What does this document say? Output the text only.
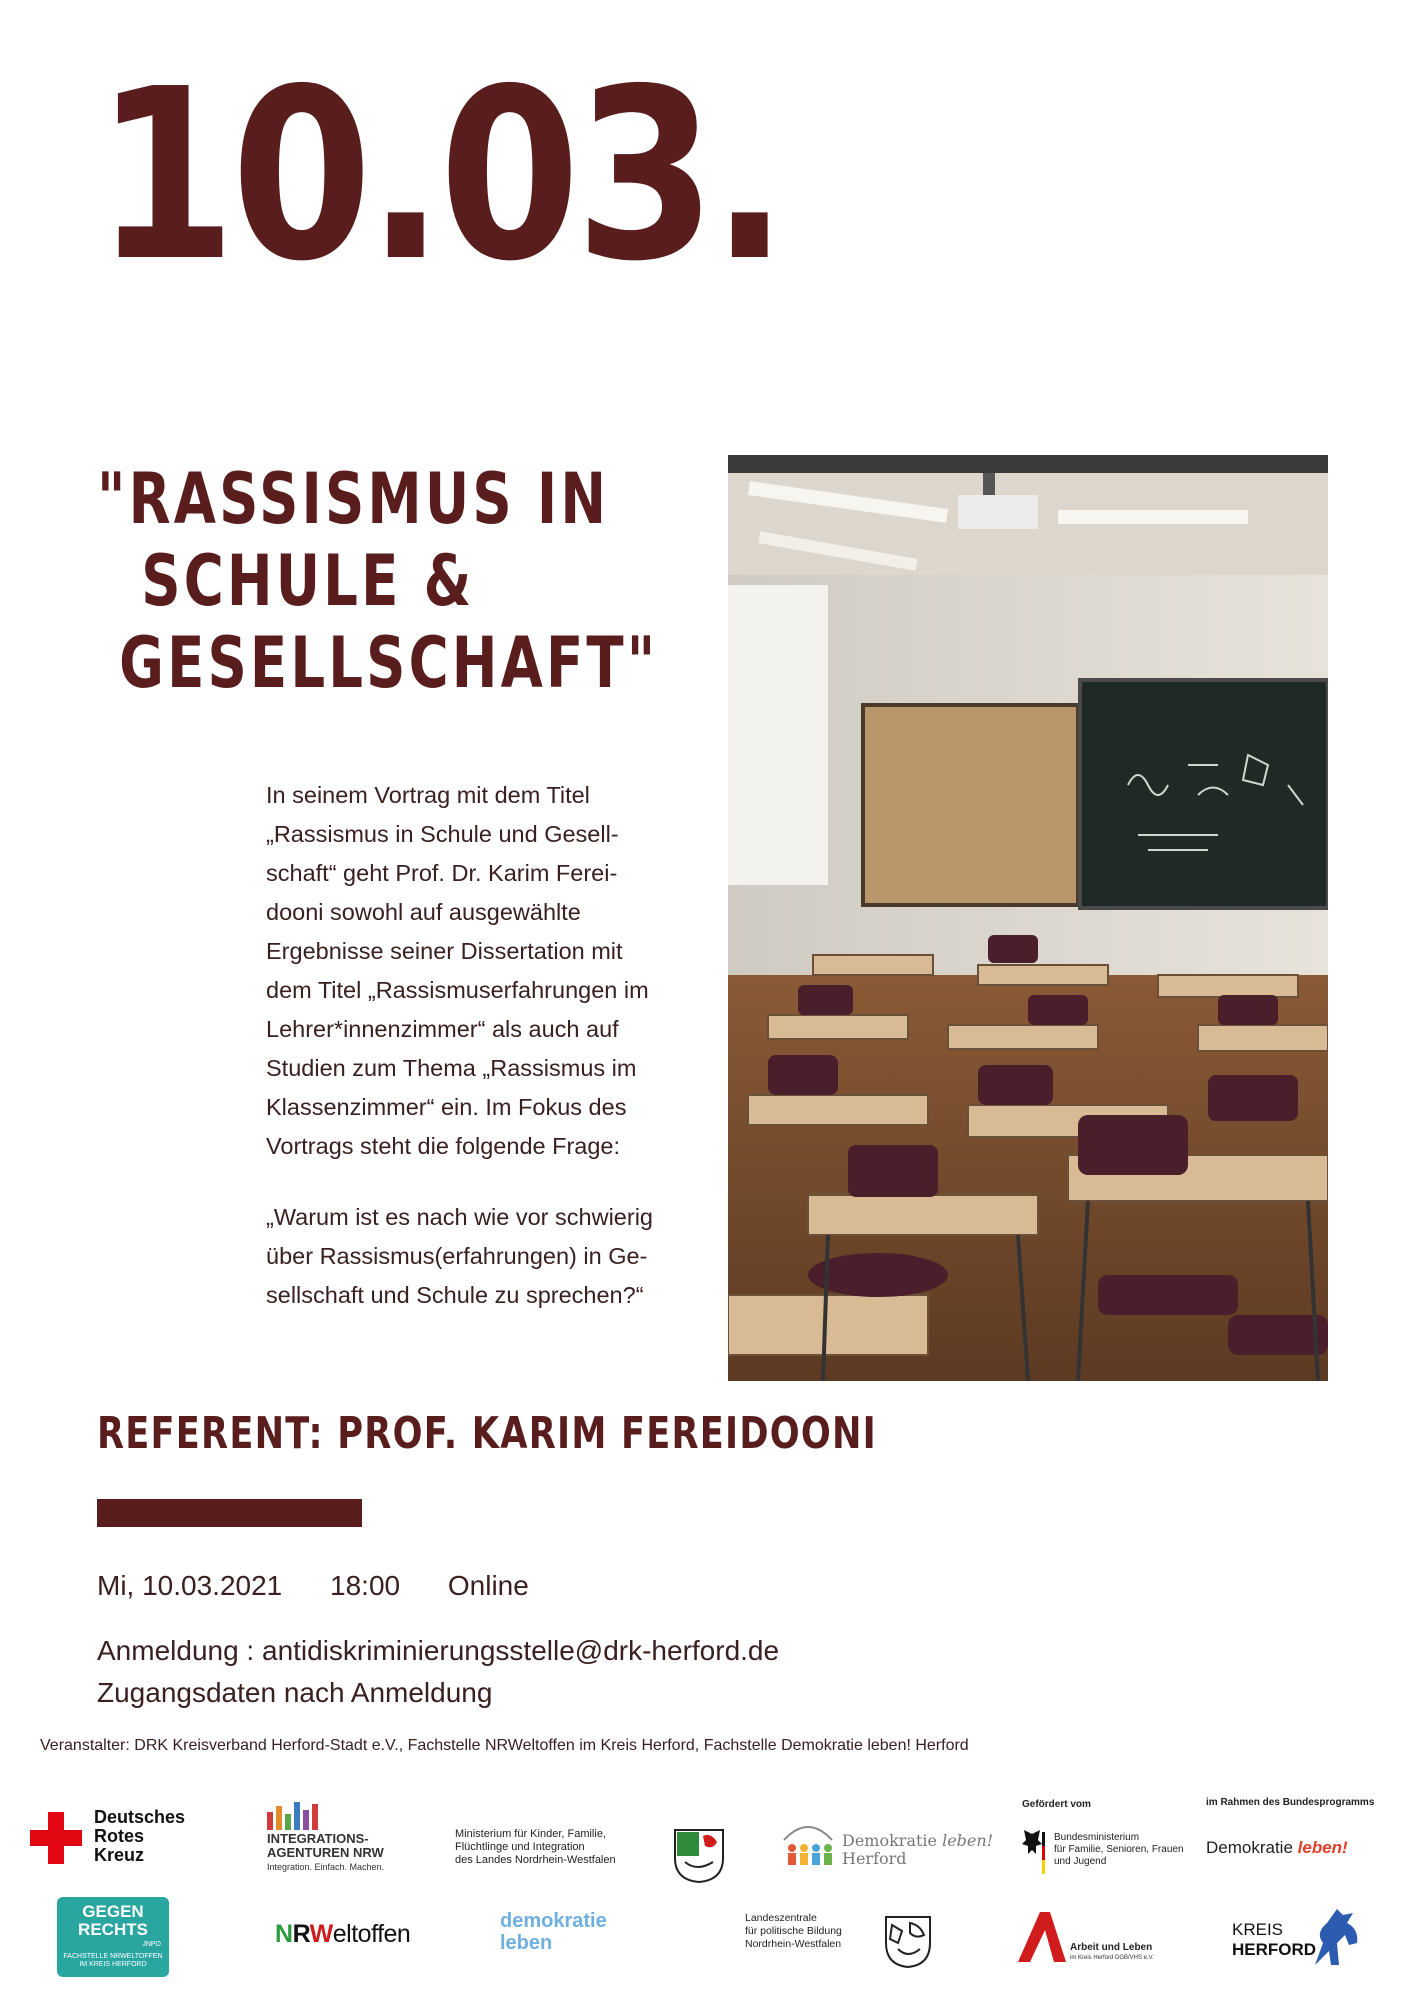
10.03.
"RASSISMUS IN
SCHULE &
GESELLSCHAFT"

In seinem Vortrag mit dem Titel
„Rassismus in Schule und Gesell-
schaft“ geht Prof. Dr. Karim Ferei-
dooni sowohl auf ausgewählte
Ergebnisse seiner Dissertation mit
dem Titel „Rassismuserfahrungen im
Lehrer*innenzimmer“ als auch auf
Studien zum Thema „Rassismus im
Klassenzimmer“ ein. Im Fokus des
Vortrags steht die folgende Frage:

„Warum ist es nach wie vor schwierig
über Rassismus(erfahrungen) in Ge-
sellschaft und Schule zu sprechen?“

REFERENT: PROF. KARIM FEREIDOONI
Mi, 10.03.2021 18:00 Online
Anmeldung : antidiskriminierungsstelle@drk-herford.de
Zugangsdaten nach Anmeldung
Veranstalter: DRK Kreisverband Herford-Stadt e.V., Fachstelle NRWeltoffen im Kreis Herford, Fachstelle Demokratie leben! Herford
Deutsches
Rotes
Kreuz
INTEGRATIONS-
AGENTUREN NRW
Integration. Einfach. Machen.
Ministerium für Kinder, Familie,
Flüchtlinge und Integration
des Landes Nordrhein-Westfalen
Demokratie leben!
Herford
Gefördert vom
Bundesministerium
für Familie, Senioren, Frauen
und Jugend
im Rahmen des Bundesprogramms
Demokratie leben!
GEGEN
RECHTS
JNPO
FACHSTELLE NRWELTOFFEN
IM KREIS HERFORD
NRWeltoffen	demokratie
leben
Landeszentrale
für politische Bildung
Nordrhein-Westfalen	Arbeit und Leben
im Kreis Herford DGB/VHS e.V.
KREIS
HERFORD
